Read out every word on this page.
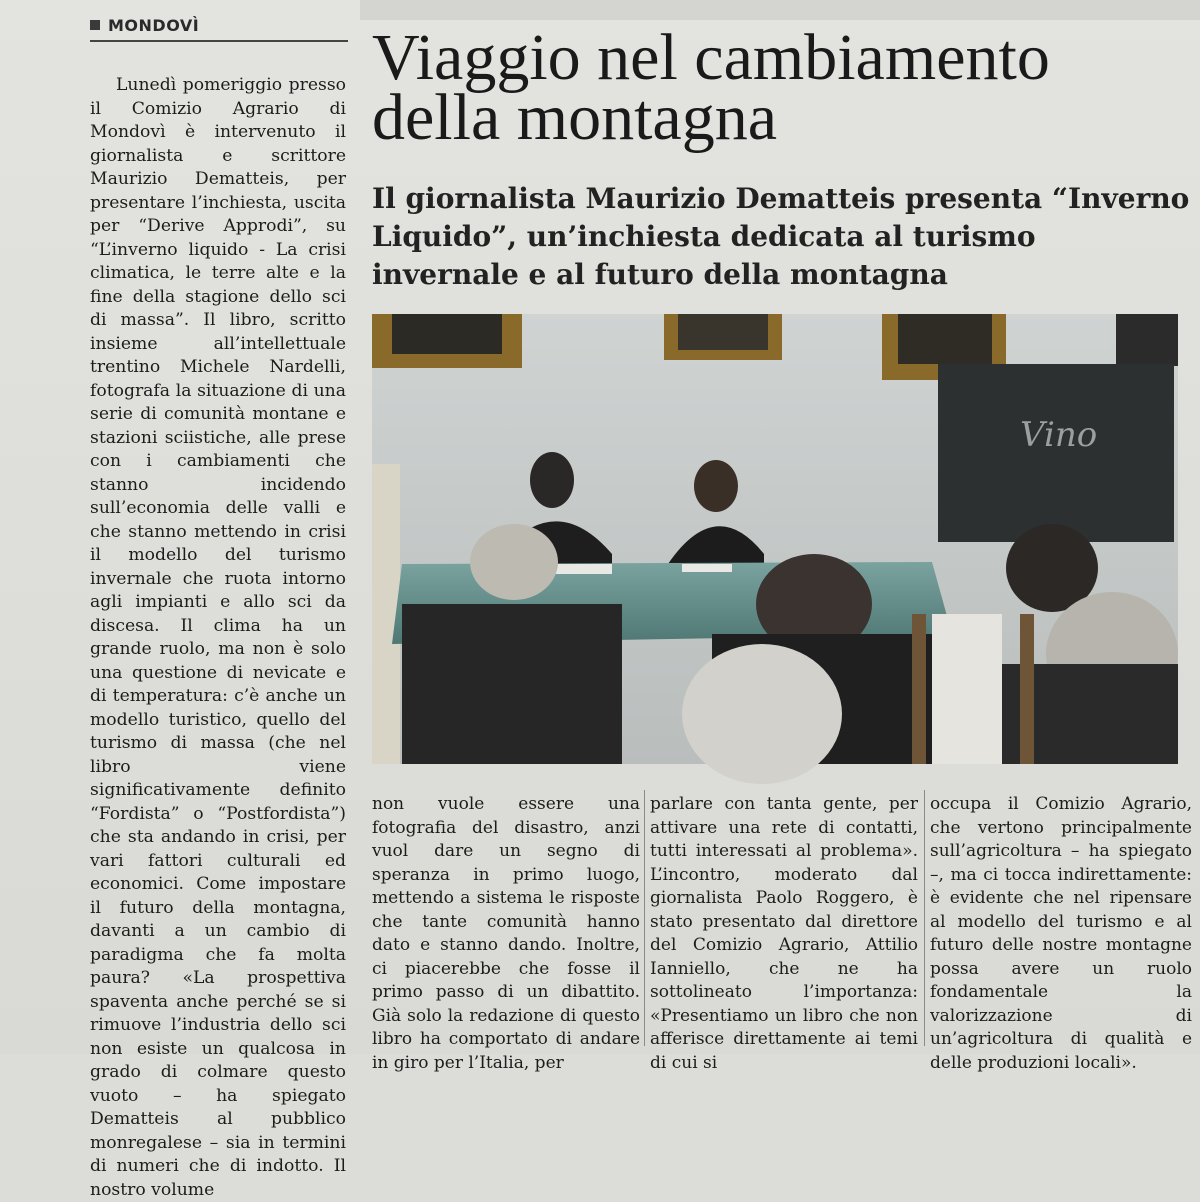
MONDOVÌ

Lunedì pomeriggio presso il Comizio Agrario di Mondovì è intervenuto il giornalista e scrittore Maurizio Dematteis, per presentare l’inchiesta, uscita per “Derive Approdi”, su “L’inverno liquido - La crisi climatica, le terre alte e la fine della stagione dello sci di massa”. Il libro, scritto insieme all’intellettuale trentino Michele Nardelli, fotografa la situazione di una serie di comunità montane e stazioni sciistiche, alle prese con i cambiamenti che stanno incidendo sull’economia delle valli e che stanno mettendo in crisi il modello del turismo invernale che ruota intorno agli impianti e allo sci da discesa. Il clima ha un grande ruolo, ma non è solo una questione di nevicate e di temperatura: c’è anche un modello turistico, quello del turismo di massa (che nel libro viene significativamente definito “Fordista” o “Postfordista”) che sta andando in crisi, per vari fattori culturali ed economici. Come impostare il futuro della montagna, davanti a un cambio di paradigma che fa molta paura? «La prospettiva spaventa anche perché se si rimuove l’industria dello sci non esiste un qualcosa in grado di colmare questo vuoto – ha spiegato Dematteis al pubblico monregalese – sia in termini di numeri che di indotto. Il nostro volume

Viaggio nel cambiamento della montagna
Il giornalista Maurizio Dematteis presenta “Inverno Liquido”, un’inchiesta dedicata al turismo invernale e al futuro della montagna
Vino

non vuole essere una fotografia del disastro, anzi vuol dare un segno di speranza in primo luogo, mettendo a sistema le risposte che tante comunità hanno dato e stanno dando. Inoltre, ci piacerebbe che fosse il primo passo di un dibattito. Già solo la redazione di questo libro ha comportato di andare in giro per l’Italia, per

parlare con tanta gente, per attivare una rete di contatti, tutti interessati al problema». L’incontro, moderato dal giornalista Paolo Roggero, è stato presentato dal direttore del Comizio Agrario, Attilio Ianniello, che ne ha sottolineato l’importanza: «Presentiamo un libro che non afferisce direttamente ai temi di cui si

occupa il Comizio Agrario, che vertono principalmente sull’agricoltura – ha spiegato –, ma ci tocca indirettamente: è evidente che nel ripensare al modello del turismo e al futuro delle nostre montagne possa avere un ruolo fondamentale la valorizzazione di un’agricoltura di qualità e delle produzioni locali».
